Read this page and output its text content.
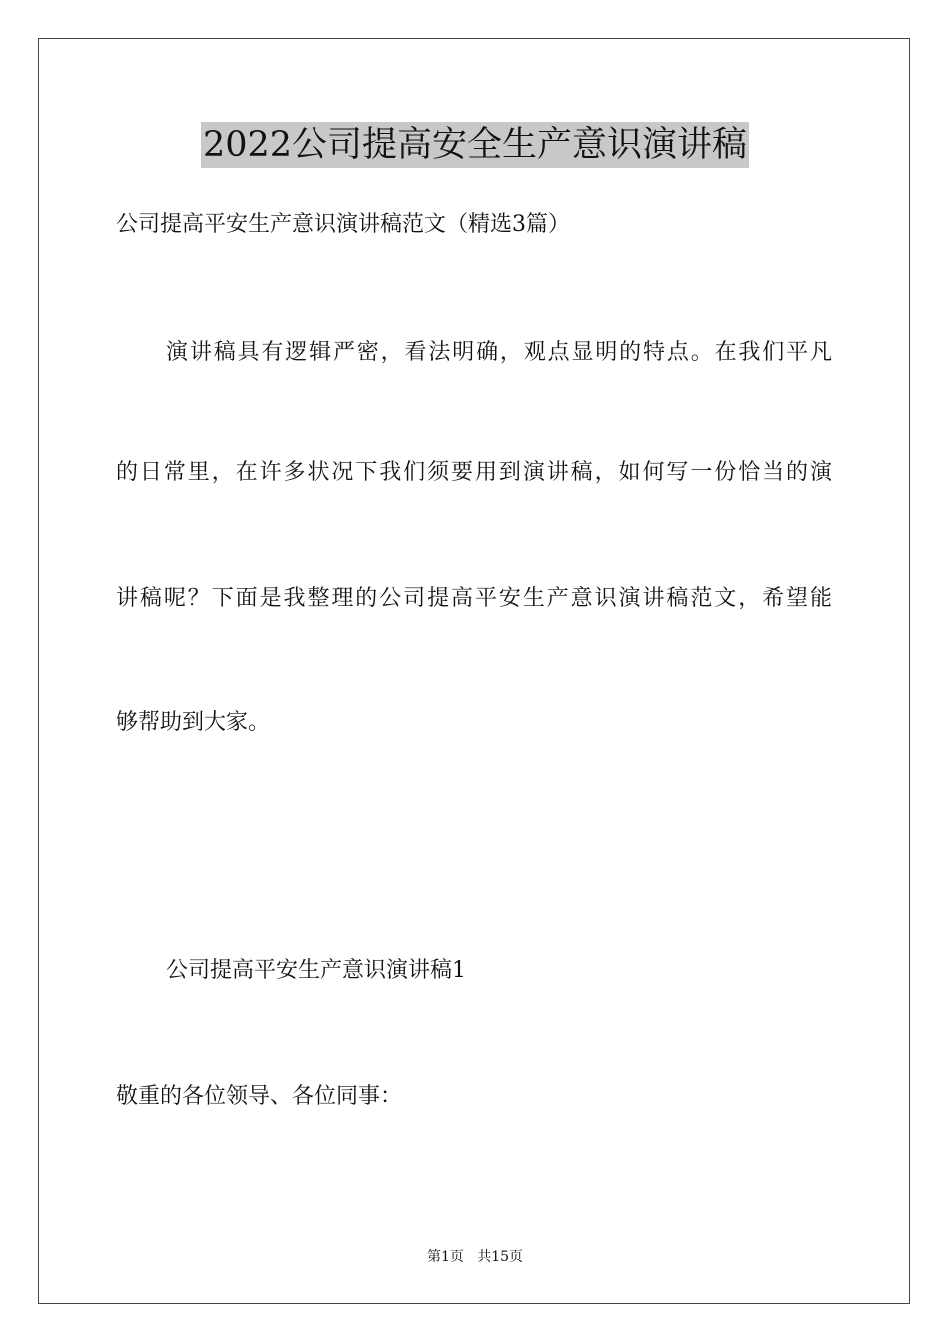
2022公司提高安全生产意识演讲稿
公司提高平安生产意识演讲稿范文（精选3篇）
演讲稿具有逻辑严密，看法明确，观点显明的特点。在我们平凡
的日常里，在许多状况下我们须要用到演讲稿，如何写一份恰当的演
讲稿呢？下面是我整理的公司提高平安生产意识演讲稿范文，希望能
够帮助到大家。
公司提高平安生产意识演讲稿1
敬重的各位领导、各位同事：
第1页   共15页
